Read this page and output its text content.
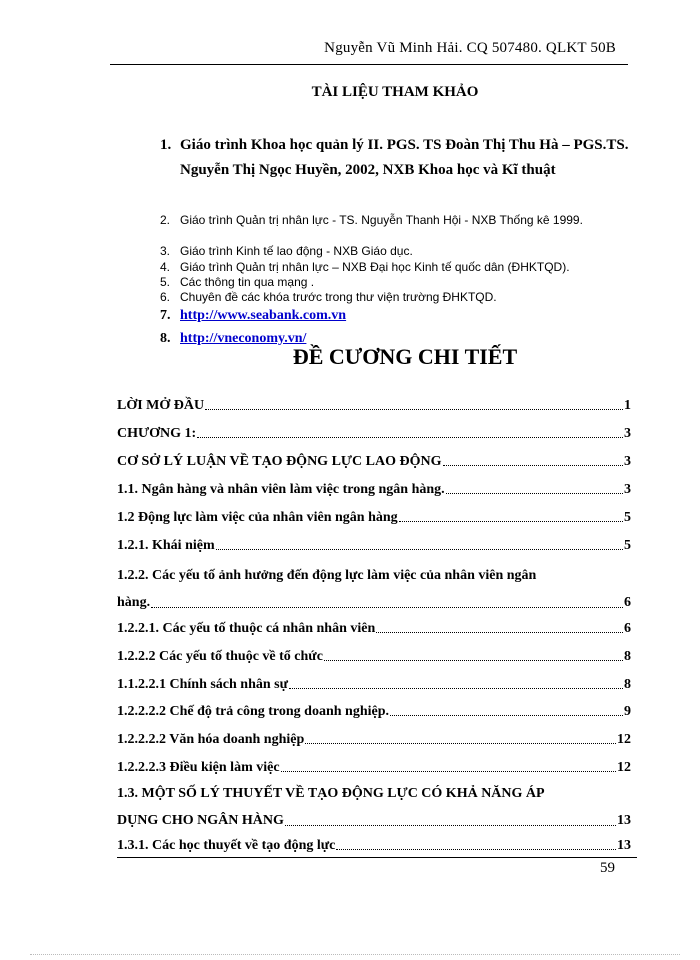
Nguyễn Vũ Minh Hải. CQ 507480. QLKT 50B
TÀI LIỆU THAM KHẢO
1. Giáo trình Khoa học quản lý II. PGS. TS Đoàn Thị Thu Hà – PGS.TS. Nguyễn Thị Ngọc Huyền, 2002, NXB Khoa học và Kĩ thuật
2. Giáo trình Quản trị nhân lực - TS. Nguyễn Thanh Hội - NXB Thống kê 1999.
3. Giáo trình Kinh tế lao động - NXB Giáo dục.
4. Giáo trình Quản trị nhân lực – NXB Đại học Kinh tế quốc dân (ĐHKTQD).
5. Các thông tin qua mạng .
6. Chuyên đề các khóa trước trong thư viện trường ĐHKTQD.
7. http://www.seabank.com.vn
8. http://vneconomy.vn/
ĐỀ CƯƠNG CHI TIẾT
LỜI MỞ ĐẦU	1
CHƯƠNG 1:	3
CƠ SỞ LÝ LUẬN VỀ TẠO ĐỘNG LỰC LAO ĐỘNG	3
1.1. Ngân hàng và nhân viên làm việc trong ngân hàng.	3
1.2 Động lực làm việc của nhân viên ngân hàng	5
1.2.1. Khái niệm	5
1.2.2. Các yếu tố ảnh hưởng đến động lực làm việc của nhân viên ngân
hàng.	6
1.2.2.1. Các yếu tố thuộc cá nhân nhân viên	6
1.2.2.2 Các yếu tố thuộc về tổ chức	8
1.1.2.2.1 Chính sách nhân sự	8
1.2.2.2.2 Chế độ trả công trong doanh nghiệp.	9
1.2.2.2.2 Văn hóa doanh nghiệp	12
1.2.2.2.3 Điều kiện làm việc	12
1.3. MỘT SỐ LÝ THUYẾT VỀ TẠO ĐỘNG LỰC CÓ KHẢ NĂNG ÁP
DỤNG CHO NGÂN HÀNG	13
1.3.1. Các học thuyết về tạo động lực	13
59
